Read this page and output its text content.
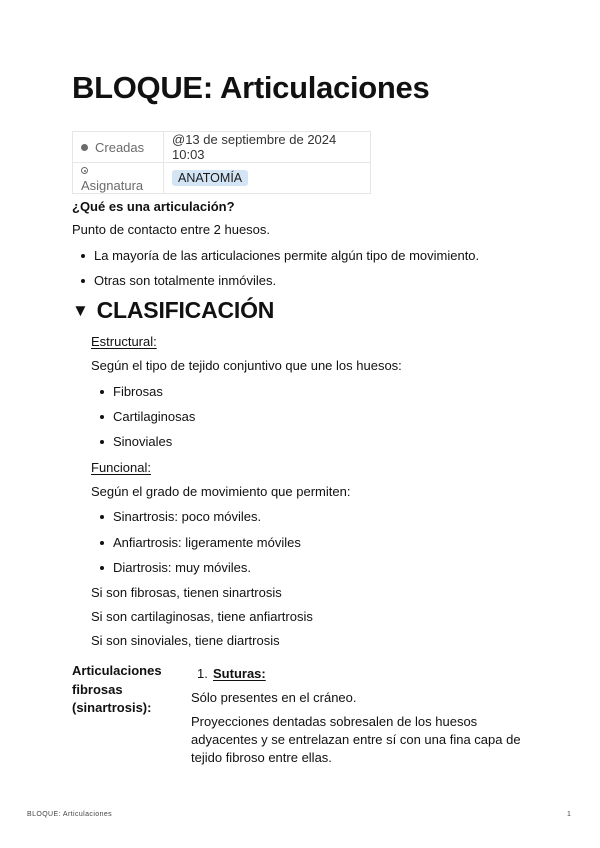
BLOQUE: Articulaciones
Creadas	@13 de septiembre de 2024 10:03
Asignatura	ANATOMÍA
¿Qué es una articulación?
Punto de contacto entre 2 huesos.
La mayoría de las articulaciones permite algún tipo de movimiento.
Otras son totalmente inmóviles.
▼ CLASIFICACIÓN
Estructural:
Según el tipo de tejido conjuntivo que une los huesos:
Fibrosas
Cartilaginosas
Sinoviales
Funcional:
Según el grado de movimiento que permiten:
Sinartrosis: poco móviles.
Anfiartrosis: ligeramente móviles
Diartrosis: muy móviles.
Si son fibrosas, tienen sinartrosis
Si son cartilaginosas, tiene anfiartrosis
Si son sinoviales, tiene diartrosis
Articulaciones
fibrosas
(sinartrosis):
1. Suturas:
Sólo presentes en el cráneo.
Proyecciones dentadas sobresalen de los huesos adyacentes y se entrelazan entre sí con una fina capa de tejido fibroso entre ellas.
BLOQUE: Articulaciones	1
